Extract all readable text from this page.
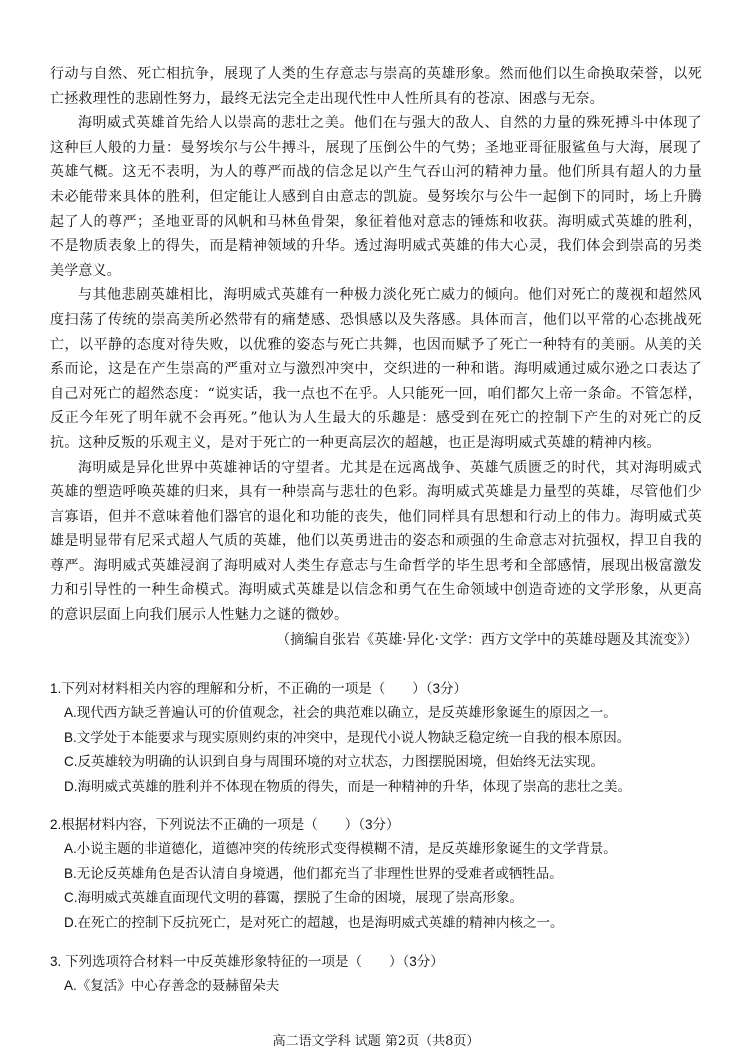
行动与自然、死亡相抗争，展现了人类的生存意志与崇高的英雄形象。然而他们以生命换取荣誉，以死亡拯救理性的悲剧性努力，最终无法完全走出现代性中人性所具有的苍凉、困惑与无奈。

海明威式英雄首先给人以崇高的悲壮之美。他们在与强大的敌人、自然的力量的殊死搏斗中体现了这种巨人般的力量：曼努埃尔与公牛搏斗，展现了压倒公牛的气势；圣地亚哥征服鲨鱼与大海，展现了英雄气概。这无不表明，为人的尊严而战的信念足以产生气吞山河的精神力量。他们所具有超人的力量未必能带来具体的胜利，但定能让人感到自由意志的凯旋。曼努埃尔与公牛一起倒下的同时，场上升腾起了人的尊严；圣地亚哥的风帆和马林鱼骨架，象征着他对意志的锤炼和收获。海明威式英雄的胜利，不是物质表象上的得失，而是精神领域的升华。透过海明威式英雄的伟大心灵，我们体会到崇高的另类美学意义。

与其他悲剧英雄相比，海明威式英雄有一种极力淡化死亡威力的倾向。他们对死亡的蔑视和超然风度扫荡了传统的崇高美所必然带有的痛楚感、恐惧感以及失落感。具体而言，他们以平常的心态挑战死亡，以平静的态度对待失败，以优雅的姿态与死亡共舞，也因而赋予了死亡一种特有的美丽。从美的关系而论，这是在产生崇高的严重对立与激烈冲突中，交织进的一种和谐。海明威通过威尔逊之口表达了自己对死亡的超然态度：“说实话，我一点也不在乎。人只能死一回，咱们都欠上帝一条命。不管怎样，反正今年死了明年就不会再死。”他认为人生最大的乐趣是：感受到在死亡的控制下产生的对死亡的反抗。这种反叛的乐观主义，是对于死亡的一种更高层次的超越，也正是海明威式英雄的精神内核。

海明威是异化世界中英雄神话的守望者。尤其是在远离战争、英雄气质匮乏的时代，其对海明威式英雄的塑造呼唤英雄的归来，具有一种崇高与悲壮的色彩。海明威式英雄是力量型的英雄，尽管他们少言寡语，但并不意味着他们器官的退化和功能的丧失，他们同样具有思想和行动上的伟力。海明威式英雄是明显带有尼采式超人气质的英雄，他们以英勇进击的姿态和顽强的生命意志对抗强权，捍卫自我的尊严。海明威式英雄浸润了海明威对人类生存意志与生命哲学的毕生思考和全部感情，展现出极富激发力和引导性的一种生命模式。海明威式英雄是以信念和勇气在生命领域中创造奇迹的文学形象，从更高的意识层面上向我们展示人性魅力之谜的微妙。

（摘编自张岩《英雄·异化·文学：西方文学中的英雄母题及其流变》）

1.下列对材料相关内容的理解和分析，不正确的一项是（　　）（3分）

A.现代西方缺乏普遍认可的价值观念，社会的典范难以确立，是反英雄形象诞生的原因之一。

B.文学处于本能要求与现实原则约束的冲突中，是现代小说人物缺乏稳定统一自我的根本原因。

C.反英雄较为明确的认识到自身与周围环境的对立状态，力图摆脱困境，但始终无法实现。

D.海明威式英雄的胜利并不体现在物质的得失，而是一种精神的升华，体现了崇高的悲壮之美。

2.根据材料内容，下列说法不正确的一项是（　　）（3分）

A.小说主题的非道德化，道德冲突的传统形式变得模糊不清，是反英雄形象诞生的文学背景。

B.无论反英雄角色是否认清自身境遇，他们都充当了非理性世界的受难者或牺牲品。

C.海明威式英雄直面现代文明的暮霭，摆脱了生命的困境，展现了崇高形象。

D.在死亡的控制下反抗死亡，是对死亡的超越，也是海明威式英雄的精神内核之一。

3. 下列选项符合材料一中反英雄形象特征的一项是（　　）（3分）

A.《复活》中心存善念的聂赫留朵夫

高二语文学科 试题 第2页（共8页）
